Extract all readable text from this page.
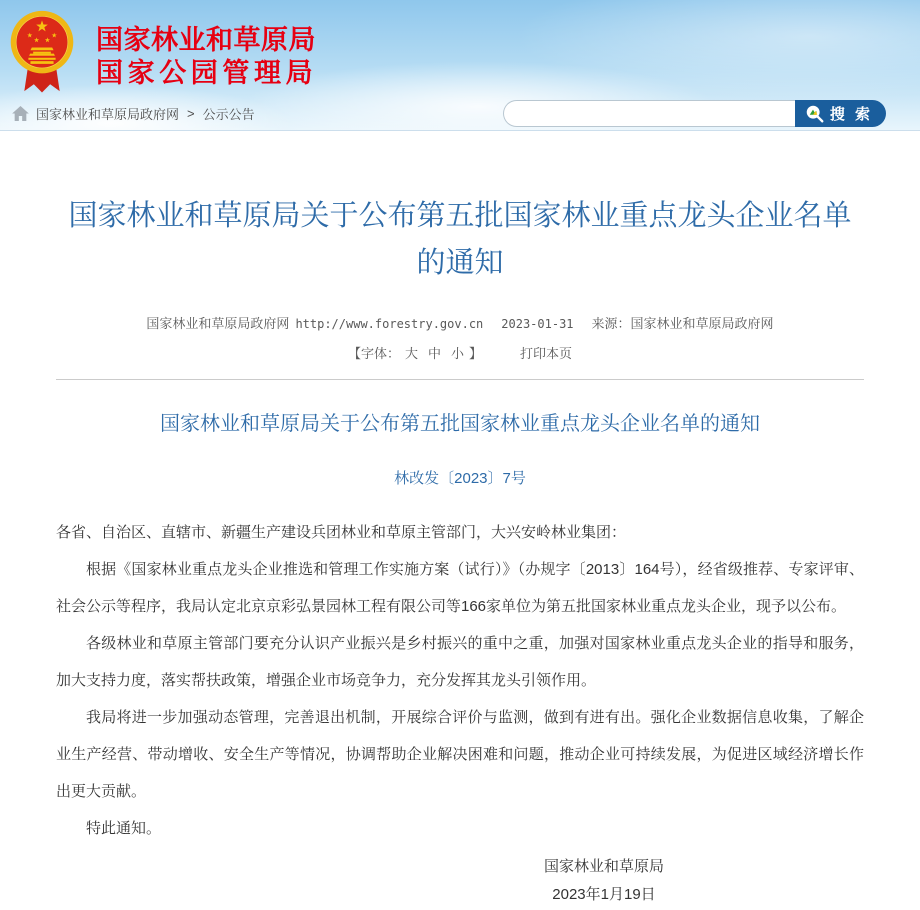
国家林业和草原局
国家公园管理局
国家林业和草原局政府网 > 公示公告	搜 索
国家林业和草原局关于公布第五批国家林业重点龙头企业名单的通知
国家林业和草原局政府网 http://www.forestry.gov.cn 2023-01-31 来源：国家林业和草原局政府网
【字体： 大 中 小 】	打印本页
国家林业和草原局关于公布第五批国家林业重点龙头企业名单的通知
林改发〔2023〕7号

各省、自治区、直辖市、新疆生产建设兵团林业和草原主管部门，大兴安岭林业集团：

根据《国家林业重点龙头企业推选和管理工作实施方案（试行）》（办规字〔2013〕164号），经省级推荐、专家评审、社会公示等程序，我局认定北京京彩弘景园林工程有限公司等166家单位为第五批国家林业重点龙头企业，现予以公布。

各级林业和草原主管部门要充分认识产业振兴是乡村振兴的重中之重，加强对国家林业重点龙头企业的指导和服务，加大支持力度，落实帮扶政策，增强企业市场竞争力，充分发挥其龙头引领作用。

我局将进一步加强动态管理，完善退出机制，开展综合评价与监测，做到有进有出。强化企业数据信息收集，了解企业生产经营、带动增收、安全生产等情况，协调帮助企业解决困难和问题，推动企业可持续发展，为促进区域经济增长作出更大贡献。

特此通知。

国家林业和草原局
2023年1月19日
